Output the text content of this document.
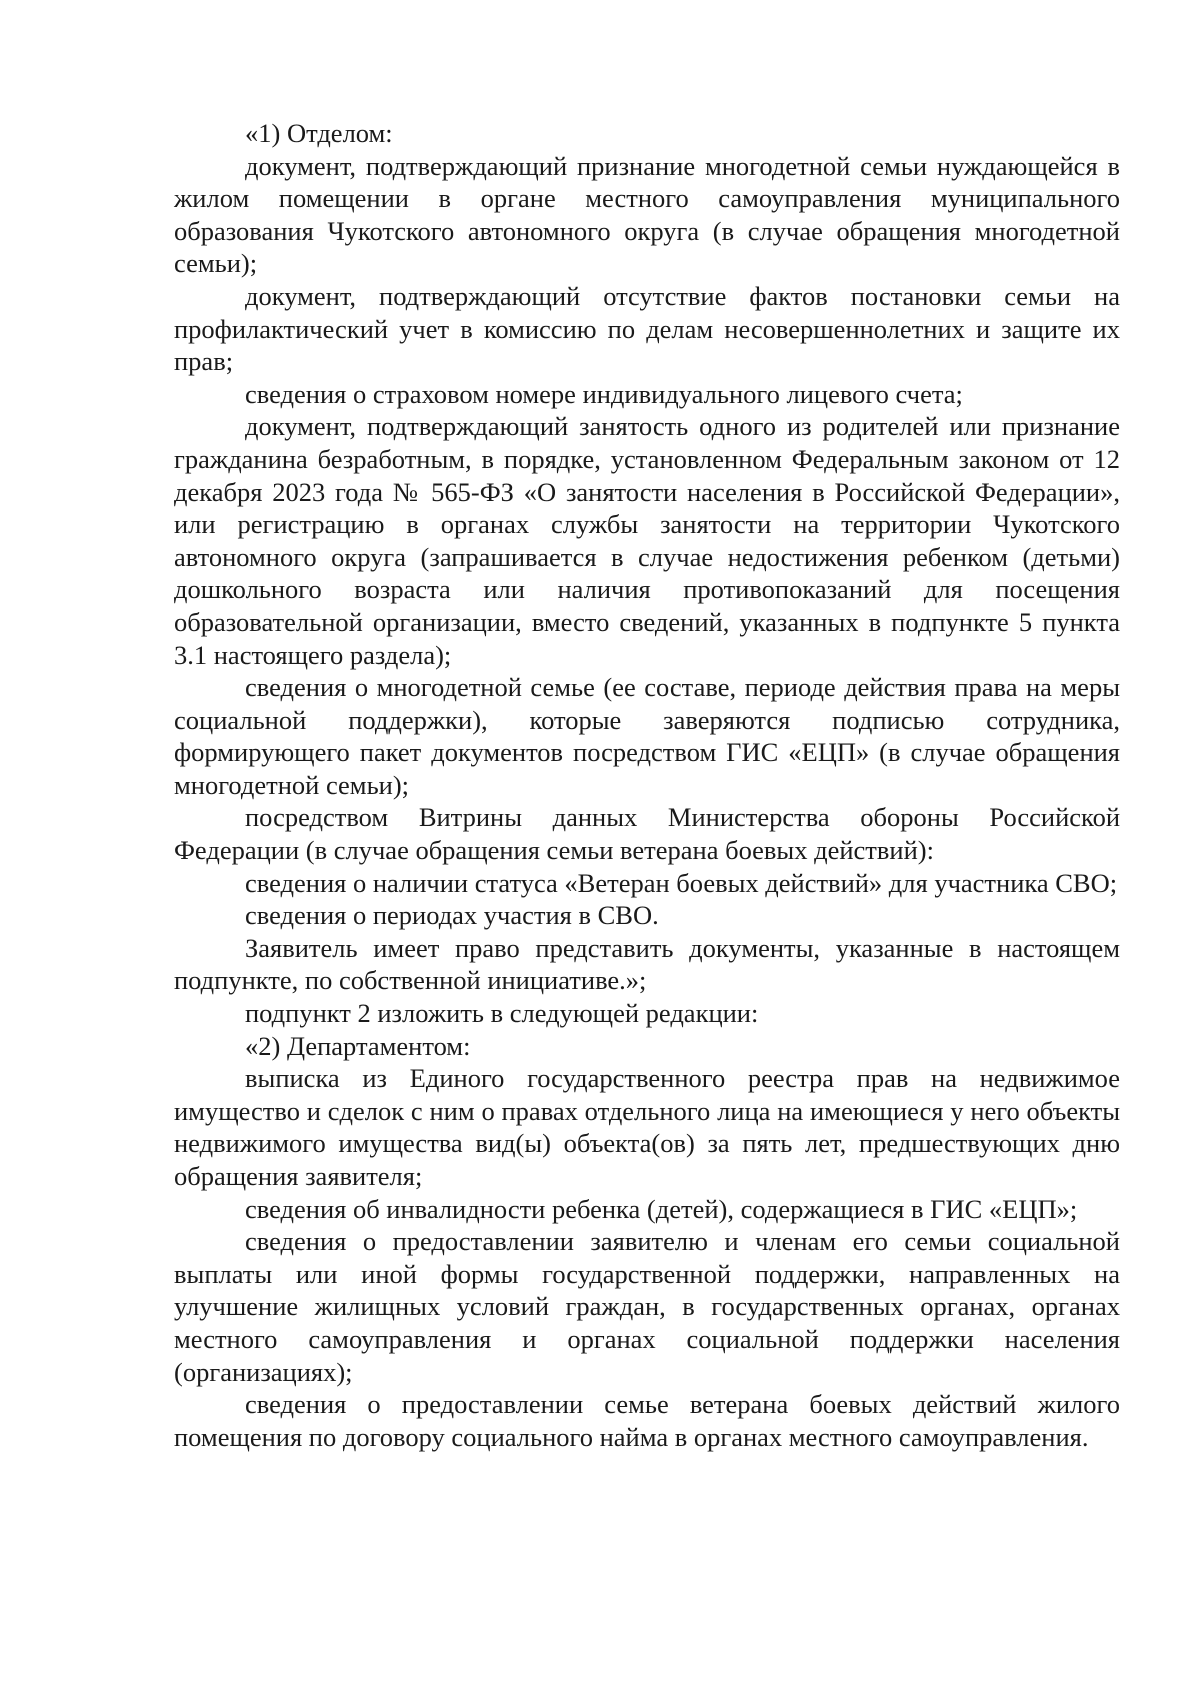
«1) Отделом:

документ, подтверждающий признание многодетной семьи нуждающейся в жилом помещении в органе местного самоуправления муниципального образования Чукотского автономного округа (в случае обращения многодетной семьи);

документ, подтверждающий отсутствие фактов постановки семьи на профилактический учет в комиссию по делам несовершеннолетних и защите их прав;

сведения о страховом номере индивидуального лицевого счета;

документ, подтверждающий занятость одного из родителей или признание гражданина безработным, в порядке, установленном Федеральным законом от 12 декабря 2023 года № 565-ФЗ «О занятости населения в Российской Федерации», или регистрацию в органах службы занятости на территории Чукотского автономного округа (запрашивается в случае недостижения ребенком (детьми) дошкольного возраста или наличия противопоказаний для посещения образовательной организации, вместо сведений, указанных в подпункте 5 пункта 3.1 настоящего раздела);

сведения о многодетной семье (ее составе, периоде действия права на меры социальной поддержки), которые заверяются подписью сотрудника, формирующего пакет документов посредством ГИС «ЕЦП» (в случае обращения многодетной семьи);

посредством Витрины данных Министерства обороны Российской Федерации (в случае обращения семьи ветерана боевых действий):

сведения о наличии статуса «Ветеран боевых действий» для участника СВО;

сведения о периодах участия в СВО.

Заявитель имеет право представить документы, указанные в настоящем подпункте, по собственной инициативе.»;

подпункт 2 изложить в следующей редакции:

«2) Департаментом:

выписка из Единого государственного реестра прав на недвижимое имущество и сделок с ним о правах отдельного лица на имеющиеся у него объекты недвижимого имущества вид(ы) объекта(ов) за пять лет, предшествующих дню обращения заявителя;

сведения об инвалидности ребенка (детей), содержащиеся в ГИС «ЕЦП»;

сведения о предоставлении заявителю и членам его семьи социальной выплаты или иной формы государственной поддержки, направленных на улучшение жилищных условий граждан, в государственных органах, органах местного самоуправления и органах социальной поддержки населения (организациях);

сведения о предоставлении семье ветерана боевых действий жилого помещения по договору социального найма в органах местного самоуправления.
